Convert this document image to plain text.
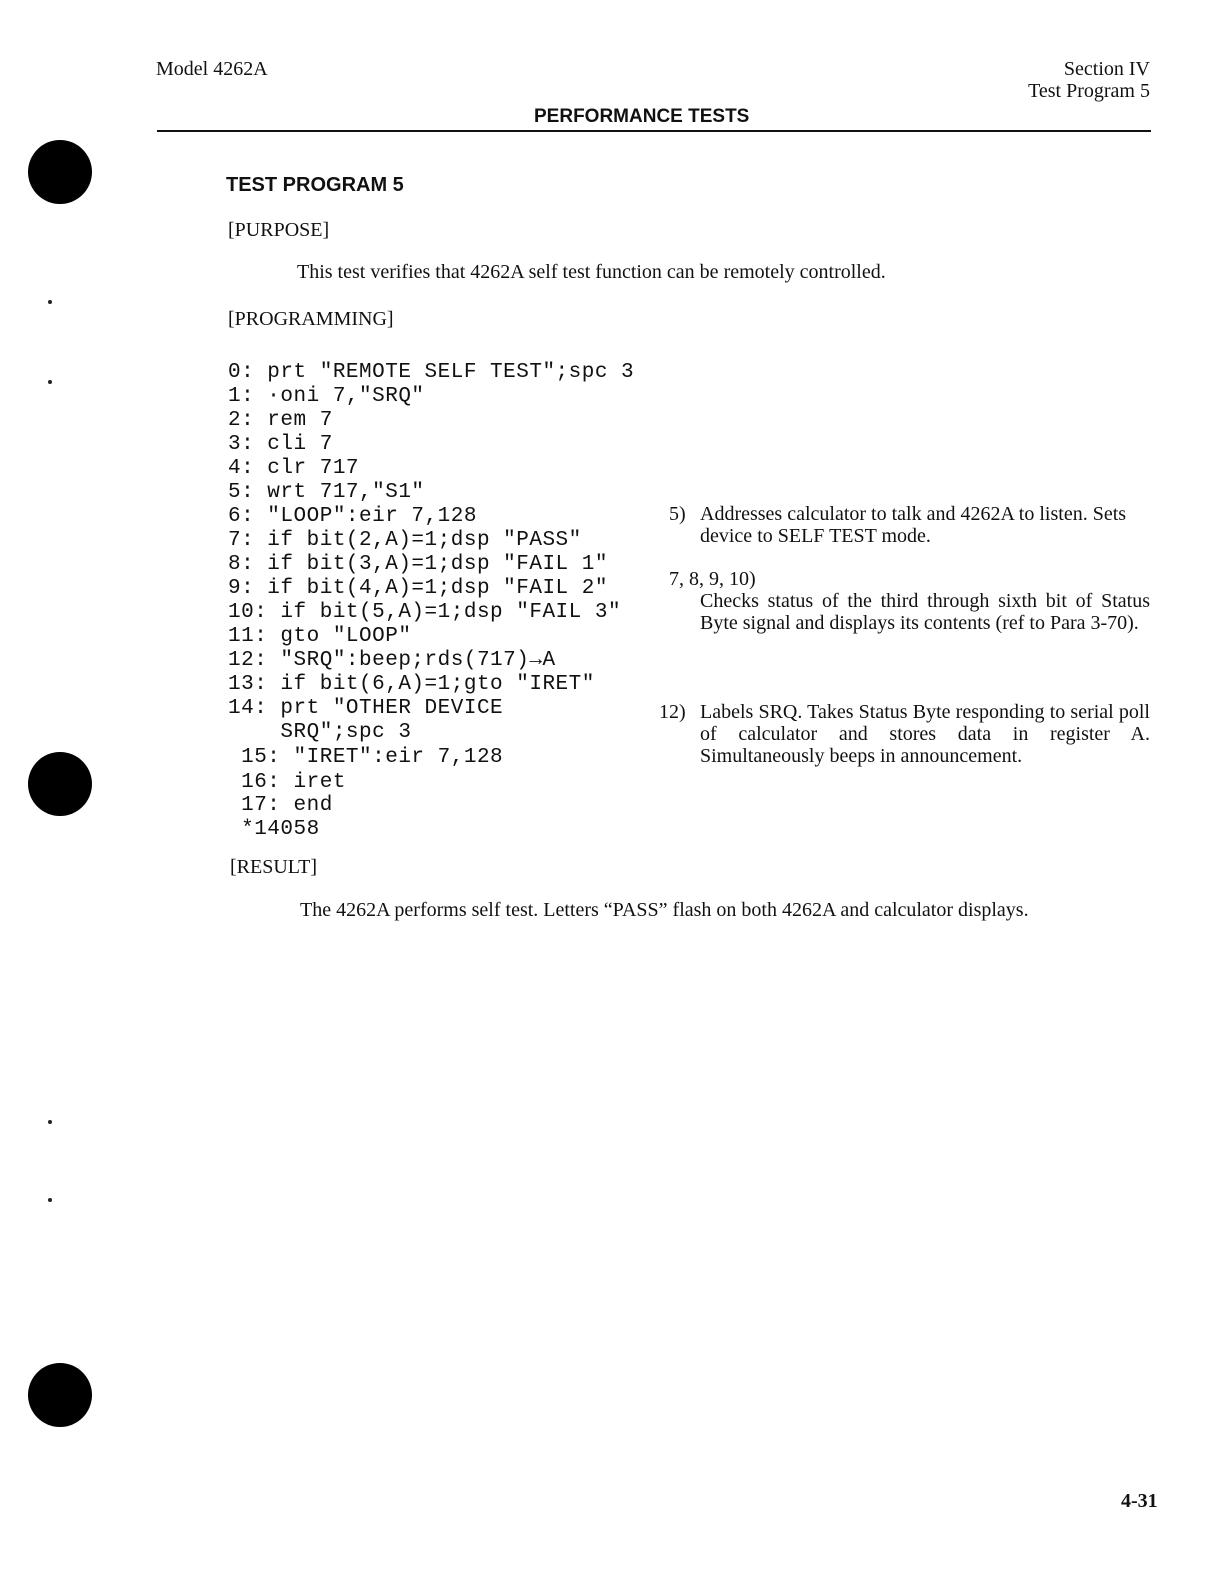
Model 4262A	Section IV
Test Program 5
PERFORMANCE TESTS
TEST PROGRAM 5
[PURPOSE]
This test verifies that 4262A self test function can be remotely controlled.
[PROGRAMMING]
0: prt "REMOTE SELF TEST";spc 3
1: ·oni 7,"SRQ"
2: rem 7
3: cli 7
4: clr 717
5: wrt 717,"S1"
6: "LOOP":eir 7,128
7: if bit(2,A)=1;dsp "PASS"
8: if bit(3,A)=1;dsp "FAIL 1"
9: if bit(4,A)=1;dsp "FAIL 2"
10: if bit(5,A)=1;dsp "FAIL 3"
11: gto "LOOP"
12: "SRQ":beep;rds(717)→A
13: if bit(6,A)=1;gto "IRET"
14: prt "OTHER DEVICE
SRQ";spc 3
15: "IRET":eir 7,128
16: iret
17: end
*14058
5) Addresses calculator to talk and 4262A to listen. Sets device to SELF TEST mode.
7, 8, 9, 10)
Checks status of the third through sixth bit of Status Byte signal and displays its contents (ref to Para 3-70).
12) Labels SRQ. Takes Status Byte responding to serial poll of calculator and stores data in register A. Simultaneously beeps in announcement.
[RESULT]
The 4262A performs self test. Letters “PASS” flash on both 4262A and calculator displays.
4-31
